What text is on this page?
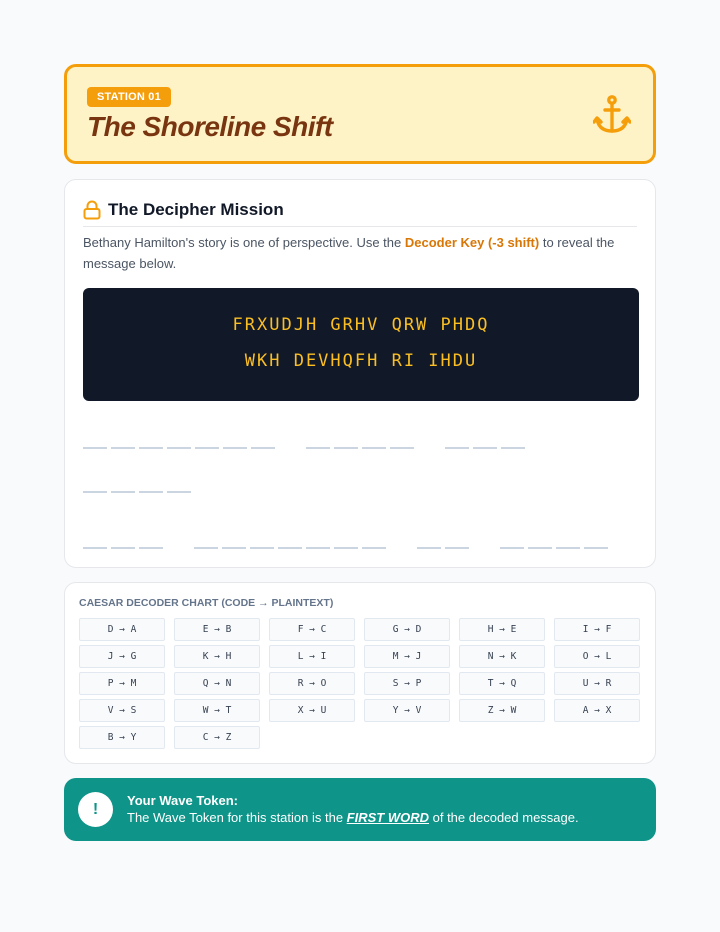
STATION 01
The Shoreline Shift
The Decipher Mission
Bethany Hamilton's story is one of perspective. Use the Decoder Key (-3 shift) to reveal the message below.
FRXUDJH GRHV QRW PHDQ
WKH DEVHQFH RI IHDU
CAESAR DECODER CHART (CODE → PLAINTEXT)
D → A	E → B	F → C	G → D	H → E	I → F
J → G	K → H	L → I	M → J	N → K	O → L
P → M	Q → N	R → O	S → P	T → Q	U → R
V → S	W → T	X → U	Y → V	Z → W	A → X
B → Y	C → Z
!
Your Wave Token:
The Wave Token for this station is the FIRST WORD of the decoded message.
